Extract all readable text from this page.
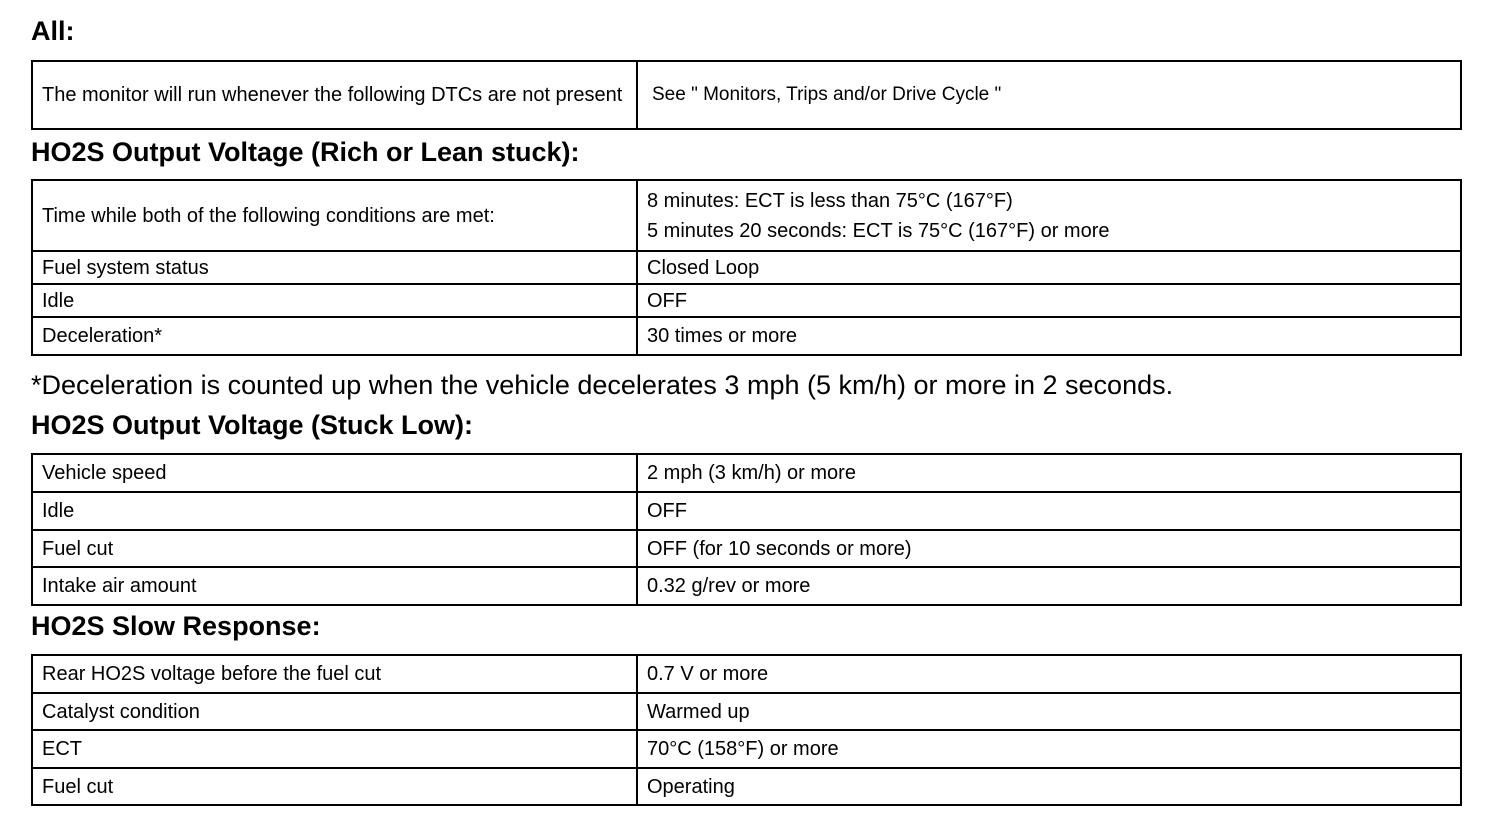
All:
The monitor will run whenever the following DTCs are not present	See " Monitors, Trips and/or Drive Cycle "
HO2S Output Voltage (Rich or Lean stuck):
Time while both of the following conditions are met:	8 minutes: ECT is less than 75°C (167°F)
5 minutes 20 seconds: ECT is 75°C (167°F) or more

Fuel system status	Closed Loop
Idle	OFF
Deceleration*	30 times or more

*Deceleration is counted up when the vehicle decelerates 3 mph (5 km/h) or more in 2 seconds.

HO2S Output Voltage (Stuck Low):
Vehicle speed	2 mph (3 km/h) or more
Idle	OFF
Fuel cut	OFF (for 10 seconds or more)
Intake air amount	0.32 g/rev or more
HO2S Slow Response:
Rear HO2S voltage before the fuel cut	0.7 V or more
Catalyst condition	Warmed up
ECT	70°C (158°F) or more
Fuel cut	Operating
